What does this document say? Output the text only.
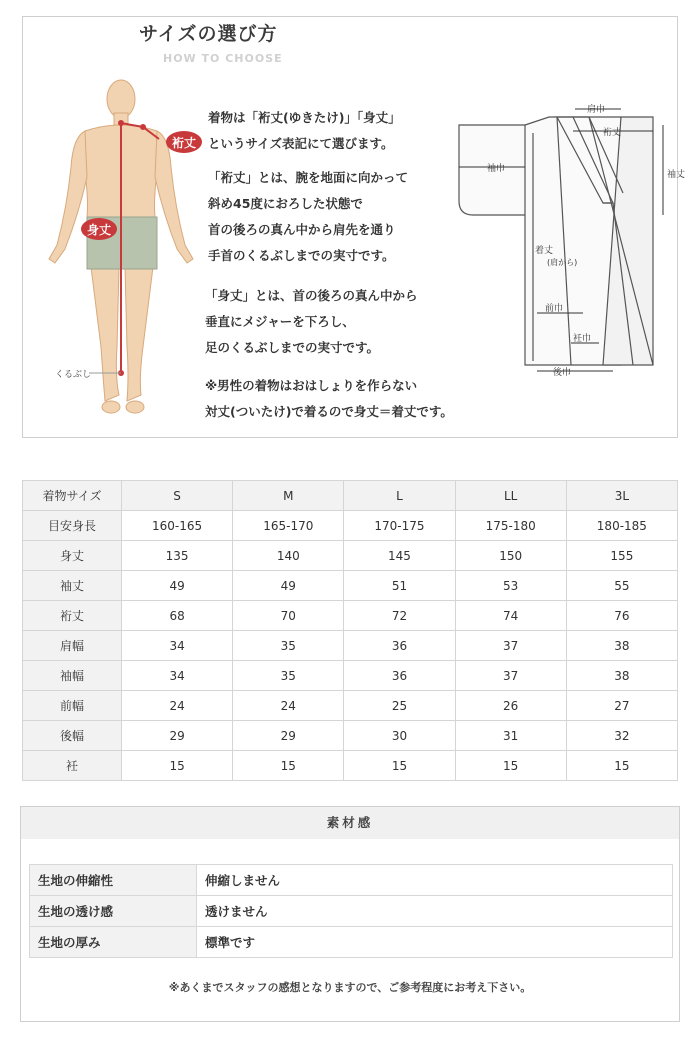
サイズの選び方
HOW TO CHOOSE
裄丈
身丈
くるぶし
着物は「裄丈(ゆきたけ)」「身丈」
というサイズ表記にて選びます。
「裄丈」とは、腕を地面に向かって
斜め45度におろした状態で
首の後ろの真ん中から肩先を通り
手首のくるぶしまでの実寸です。
「身丈」とは、首の後ろの真ん中から
垂直にメジャーを下ろし、
足のくるぶしまでの実寸です。
※男性の着物はおはしょりを作らない
対丈(ついたけ)で着るので身丈＝着丈です。
肩巾
裄丈
袖巾
袖丈
着丈
(肩から)
前巾
衽巾
後巾
着物サイズ	S	M	L	LL	3L
目安身長	160-165	165-170	170-175	175-180	180-185
身丈	135	140	145	150	155
袖丈	49	49	51	53	55
裄丈	68	70	72	74	76
肩幅	34	35	36	37	38
袖幅	34	35	36	37	38
前幅	24	24	25	26	27
後幅	29	29	30	31	32
衽	15	15	15	15	15
素材感
生地の伸縮性	伸縮しません
生地の透け感	透けません
生地の厚み	標準です
※あくまでスタッフの感想となりますので、ご参考程度にお考え下さい。
